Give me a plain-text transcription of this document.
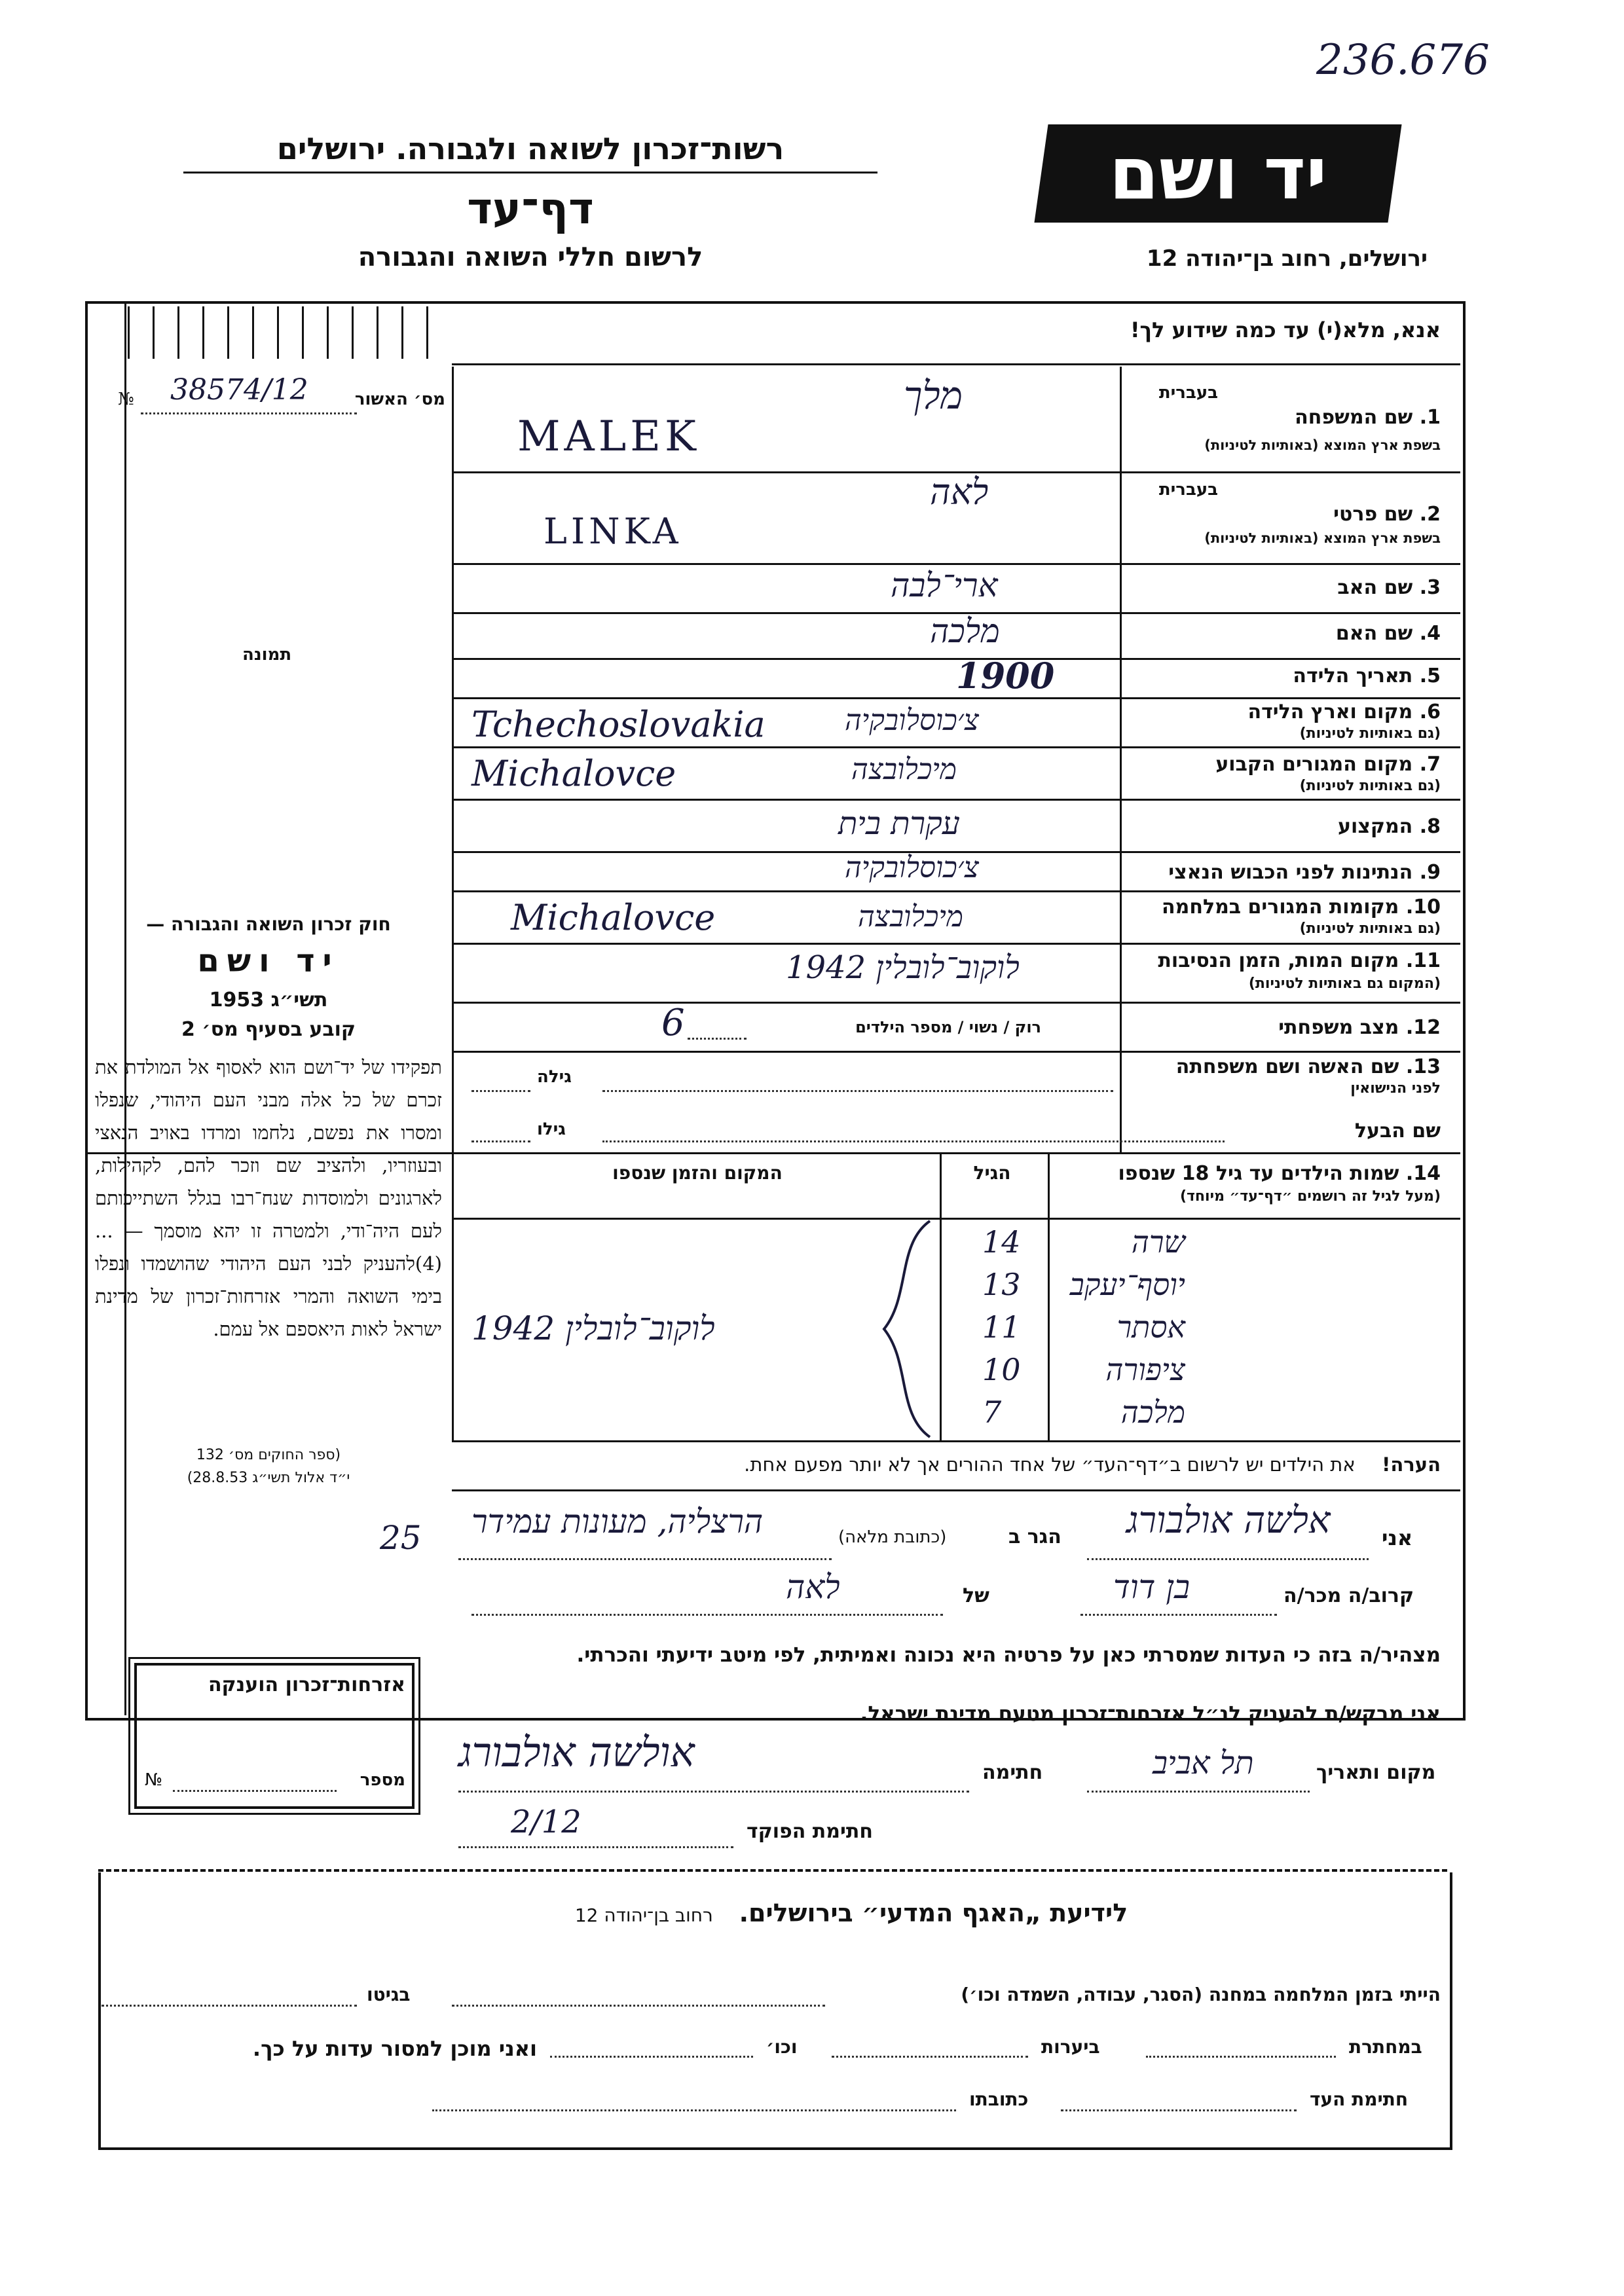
236.676
יד ושם
ירושלים, רחוב בן־יהודה 12
רשות־זכרון לשואה ולגבורה. ירושלים
דף־עד
לרשום חללי השואה והגבורה
אנא, מלא(י) עד כמה שידוע לך!
מס׳ האשור
№ 38574/12
תמונה
בעברית
1. שם המשפחה
בשפת ארץ המוצא (באותיות לטיניות)
מלך
MALEK
בעברית
2. שם פרטי
בשפת ארץ המוצא (באותיות לטיניות)
לאה
LINKA
3. שם האב
ארי־לבה
4. שם האם
מלכה
5. תאריך הלידה
1900
6. מקום וארץ הלידה
(גם באותיות לטיניות)
צ׳כוסלובקיה
Tchechoslovakia
7. מקום המגורים הקבוע
(גם באותיות לטיניות)
מיכלובצה
Michalovce
8. המקצוע
עקרת בית
9. הנתינות לפני הכבוש הנאצי
צ׳כוסלובקיה
10. מקומות המגורים במלחמה
(גם באותיות לטיניות)
מיכלובצה
Michalovce
11. מקום המות, הזמן הנסיבות
(המקום גם באותיות לטיניות)
לוקוב־לובלין 1942
12. מצב משפחתי
רוק / נשוי / מספר הילדים
6
13. שם האשה ושם משפחתה
לפני הנישואין
גילה
שם הבעל
גילו
חוק זכרון השואה והגבורה —
יד ושם
תשי״ג 1953
קובע בסעיף מס׳ 2
תפקידו של יד־ושם הוא לאסוף אל המולדת את זכרם של כל אלה מבני העם היהודי, שנפלו ומסרו את נפשם, נלחמו ומרדו באויב הנאצי ובעוזריו, ולהציב שם וזכר להם, לקהילות, לארגונים ולמוסדות שנח־רבו בגלל השתייכותם לעם היה־ודי, ולמטרה זו יהא מוסמך — ...(4)להעניק לבני העם היהודי שהושמדו ונפלו בימי השואה והמרי אזרחות־זכרון של מדינת ישראל לאות היאספם אל עמם.
(ספר החוקים מס׳ 132
י״ד אלול תשי״ג 28.8.53)
14. שמות הילדים עד גיל 18 שנספו
(מעל לגיל זה רושמים ״דף־עד״ מיוחד)
הגיל
המקום והזמן שנספו
שרה
14
יוסף־יעקב
13
אסתר
11
ציפורה
10
מלכה
7
לוקוב־לובלין 1942
הערה!    את הילדים יש לרשום ב״דף־העד״ של אחד ההורים אך לא יותר מפעם אחת.
אני
אלשה אולבורג
הגר ב
(כתובת מלאה)
הרצליה, מעונות עמידר
25
קרוב/ה מכר/ה
בן דוד
של
לאה
מצהיר/ה בזה כי העדות שמסרתי כאן על פרטיה היא נכונה ואמיתית, לפי מיטב ידיעתי והכרתי.
אני מבקש/ת להעניק לנ״ל אזרחות־זכרון מטעם מדינת ישראל.
מקום ותאריך
תל אביב
חתימה
אולשה אולבורג
חתימת הפוקד
2/12
אזרחות־זכרון הוענקה
מספר
№
לידיעת „האגף המדעי״ בירושלים.   רחוב בן־יהודה 12
הייתי בזמן המלחמה במחנה (הסגר, עבודה, השמדה וכו׳)
בגיטו
במחתרת
ביערות
וכו׳
ואני מוכן למסור עדות על כך.
חתימת העד
כתובתו
